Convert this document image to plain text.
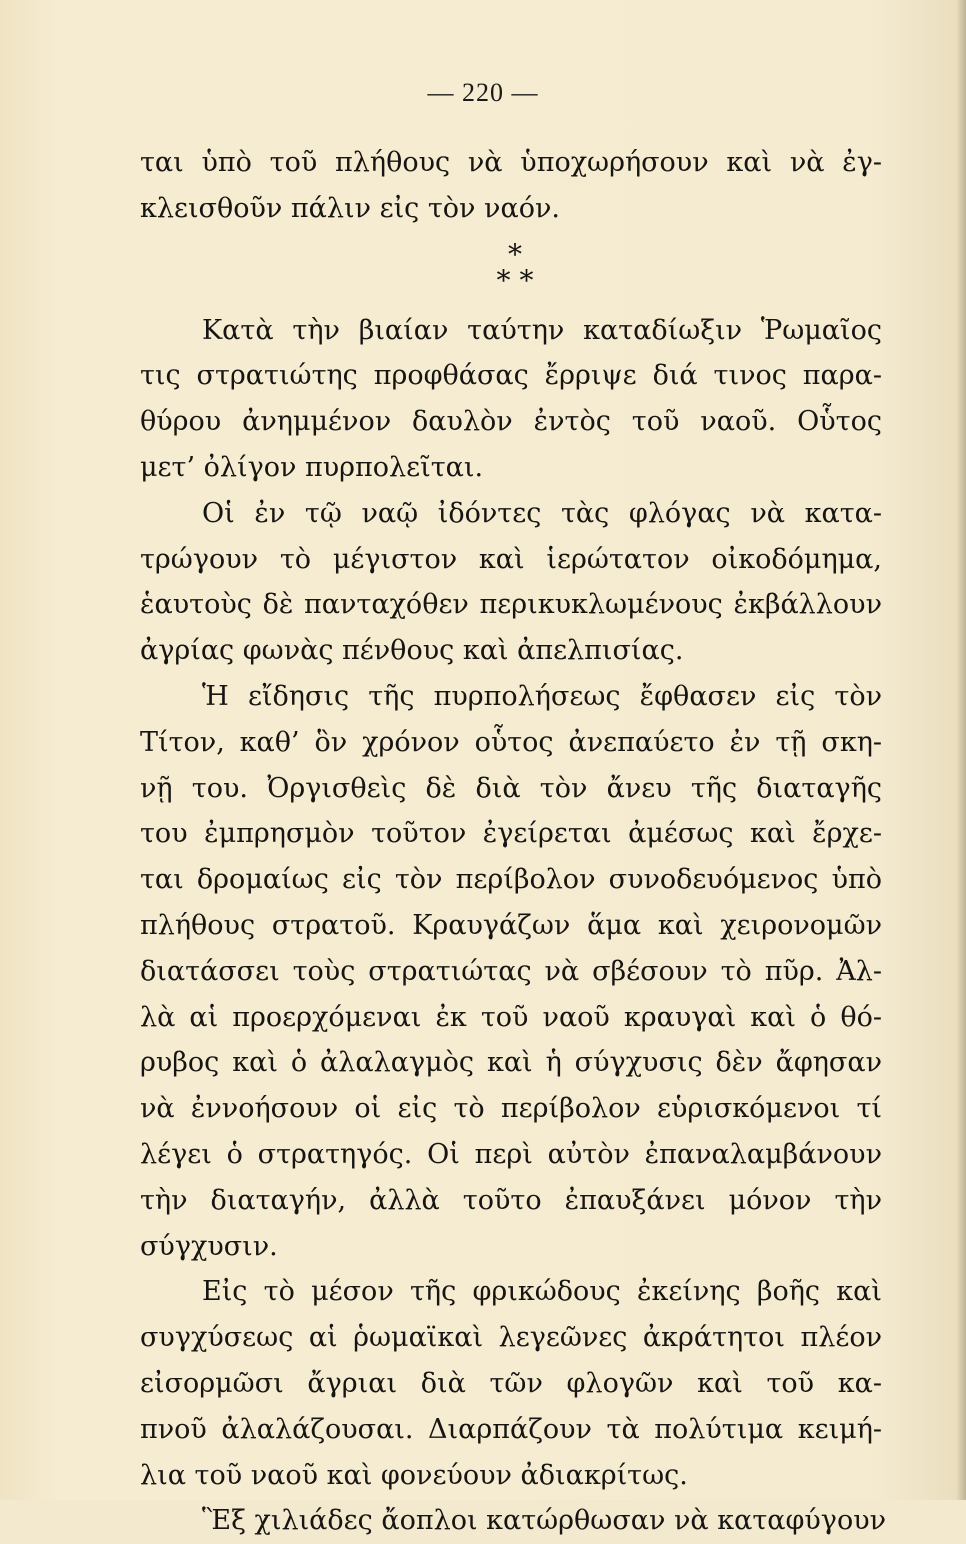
— 220 —
ται ὑπὸ τοῦ πλήθους νὰ ὑποχωρήσουν καὶ νὰ ἐγ-
κλεισθοῦν πάλιν εἰς τὸν ναόν.
*
* *
Κατὰ τὴν βιαίαν ταύτην καταδίωξιν Ῥωμαῖος
τις στρατιώτης προφθάσας ἔρριψε διά τινος παρα-
θύρου ἀνημμένον δαυλὸν ἐντὸς τοῦ ναοῦ. Οὗτος
μετ’ ὀλίγον πυρπολεῖται.
Οἱ ἐν τῷ ναῷ ἰδόντες τὰς φλόγας νὰ κατα-
τρώγουν τὸ μέγιστον καὶ ἱερώτατον οἰκοδόμημα,
ἑαυτοὺς δὲ πανταχόθεν περικυκλωμένους ἐκβάλλουν
ἀγρίας φωνὰς πένθους καὶ ἀπελπισίας.
Ἡ εἴδησις τῆς πυρπολήσεως ἔφθασεν εἰς τὸν
Τίτον, καθ’ ὃν χρόνον οὗτος ἀνεπαύετο ἐν τῇ σκη-
νῇ του. Ὀργισθεὶς δὲ διὰ τὸν ἄνευ τῆς διαταγῆς
του ἐμπρησμὸν τοῦτον ἐγείρεται ἀμέσως καὶ ἔρχε-
ται δρομαίως εἰς τὸν περίβολον συνοδευόμενος ὑπὸ
πλήθους στρατοῦ. Κραυγάζων ἅμα καὶ χειρονομῶν
διατάσσει τοὺς στρατιώτας νὰ σβέσουν τὸ πῦρ. Ἀλ-
λὰ αἱ προερχόμεναι ἐκ τοῦ ναοῦ κραυγαὶ καὶ ὁ θό-
ρυβος καὶ ὁ ἀλαλαγμὸς καὶ ἡ σύγχυσις δὲν ἄφησαν
νὰ ἐννοήσουν οἱ εἰς τὸ περίβολον εὑρισκόμενοι τί
λέγει ὁ στρατηγός. Οἱ περὶ αὐτὸν ἐπαναλαμβάνουν
τὴν διαταγήν, ἀλλὰ τοῦτο ἐπαυξάνει μόνον τὴν
σύγχυσιν.
Εἰς τὸ μέσον τῆς φρικώδους ἐκείνης βοῆς καὶ
συγχύσεως αἱ ῥωμαϊκαὶ λεγεῶνες ἀκράτητοι πλέον
εἰσορμῶσι ἄγριαι διὰ τῶν φλογῶν καὶ τοῦ κα-
πνοῦ ἀλαλάζουσαι. Διαρπάζουν τὰ πολύτιμα κειμή-
λια τοῦ ναοῦ καὶ φονεύουν ἀδιακρίτως.
Ἓξ χιλιάδες ἄοπλοι κατώρθωσαν νὰ καταφύγουν
